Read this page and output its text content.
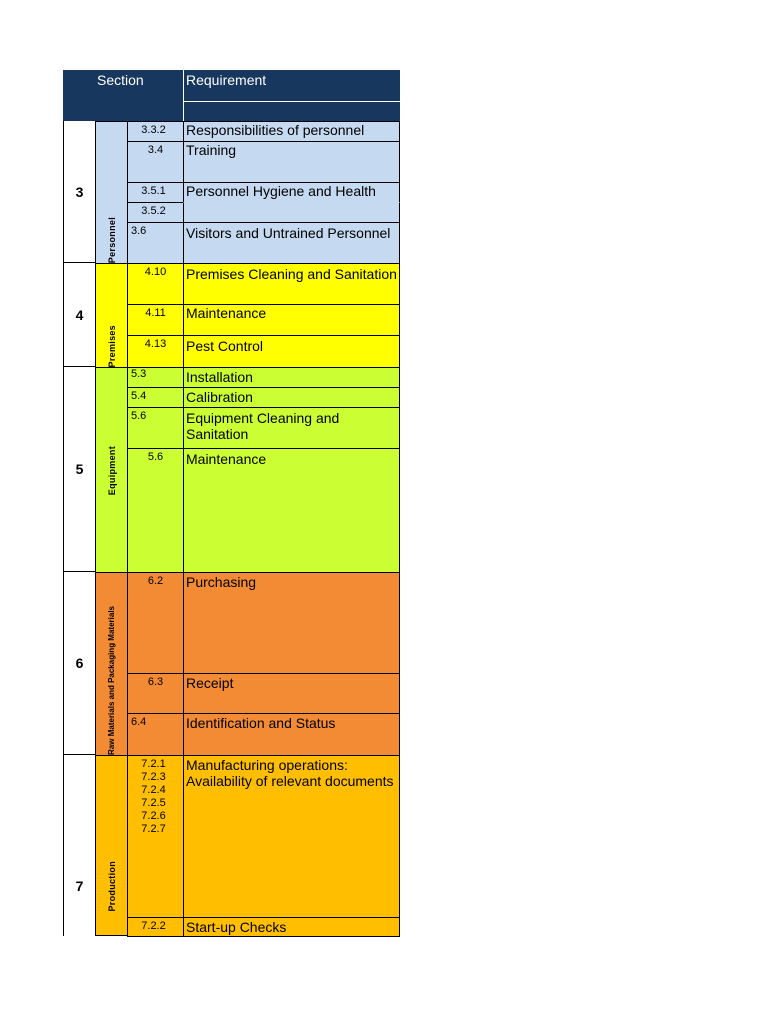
Section	Requirement
3
4
5
6
7
Personnel
Premises
Equipment
Raw Materials and Packaging Materials
Production
3.3.2
3.4
3.5.1
3.5.2
3.6
4.10
4.11
4.13
5.3
5.4
5.6
5.6
6.2
6.3
6.4
7.2.1
7.2.3
7.2.4
7.2.5
7.2.6
7.2.7
7.2.2
Responsibilities of personnel
Training
Personnel Hygiene and Health
Visitors and Untrained Personnel
Premises Cleaning and Sanitation
Maintenance
Pest Control
Installation
Calibration
Equipment Cleaning and Sanitation
Maintenance
Purchasing
Receipt
Identification and Status
Manufacturing operations: Availability of relevant documents
Start-up Checks
